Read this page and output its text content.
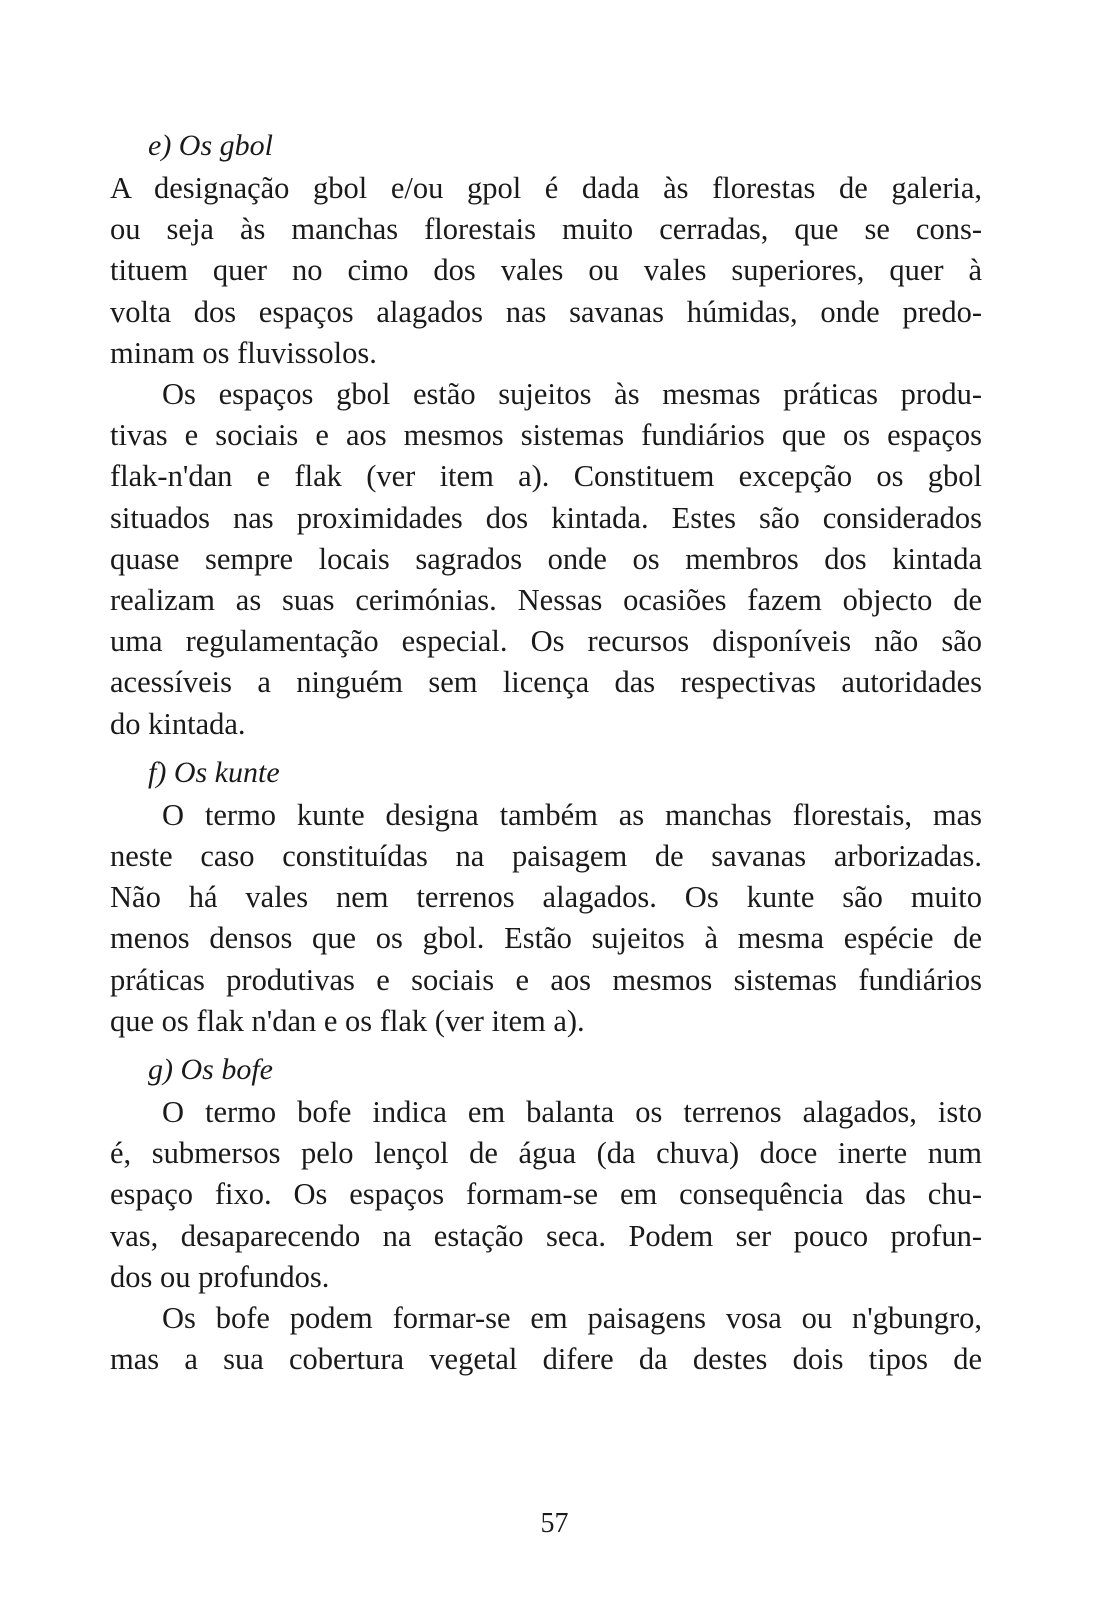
e) Os gbol
A designação gbol e/ou gpol é dada às florestas de galeria,
ou seja às manchas florestais muito cerradas, que se cons-
tituem quer no cimo dos vales ou vales superiores, quer à
volta dos espaços alagados nas savanas húmidas, onde predo-
minam os fluvissolos.
Os espaços gbol estão sujeitos às mesmas práticas produ-
tivas e sociais e aos mesmos sistemas fundiários que os espaços
flak-n'dan e flak (ver item a). Constituem excepção os gbol
situados nas proximidades dos kintada. Estes são considerados
quase sempre locais sagrados onde os membros dos kintada
realizam as suas cerimónias. Nessas ocasiões fazem objecto de
uma regulamentação especial. Os recursos disponíveis não são
acessíveis a ninguém sem licença das respectivas autoridades
do kintada.
f) Os kunte
O termo kunte designa também as manchas florestais, mas
neste caso constituídas na paisagem de savanas arborizadas.
Não há vales nem terrenos alagados. Os kunte são muito
menos densos que os gbol. Estão sujeitos à mesma espécie de
práticas produtivas e sociais e aos mesmos sistemas fundiários
que os flak n'dan e os flak (ver item a).
g) Os bofe
O termo bofe indica em balanta os terrenos alagados, isto
é, submersos pelo lençol de água (da chuva) doce inerte num
espaço fixo. Os espaços formam-se em consequência das chu-
vas, desaparecendo na estação seca. Podem ser pouco profun-
dos ou profundos.
Os bofe podem formar-se em paisagens vosa ou n'gbungro,
mas a sua cobertura vegetal difere da destes dois tipos de
57
